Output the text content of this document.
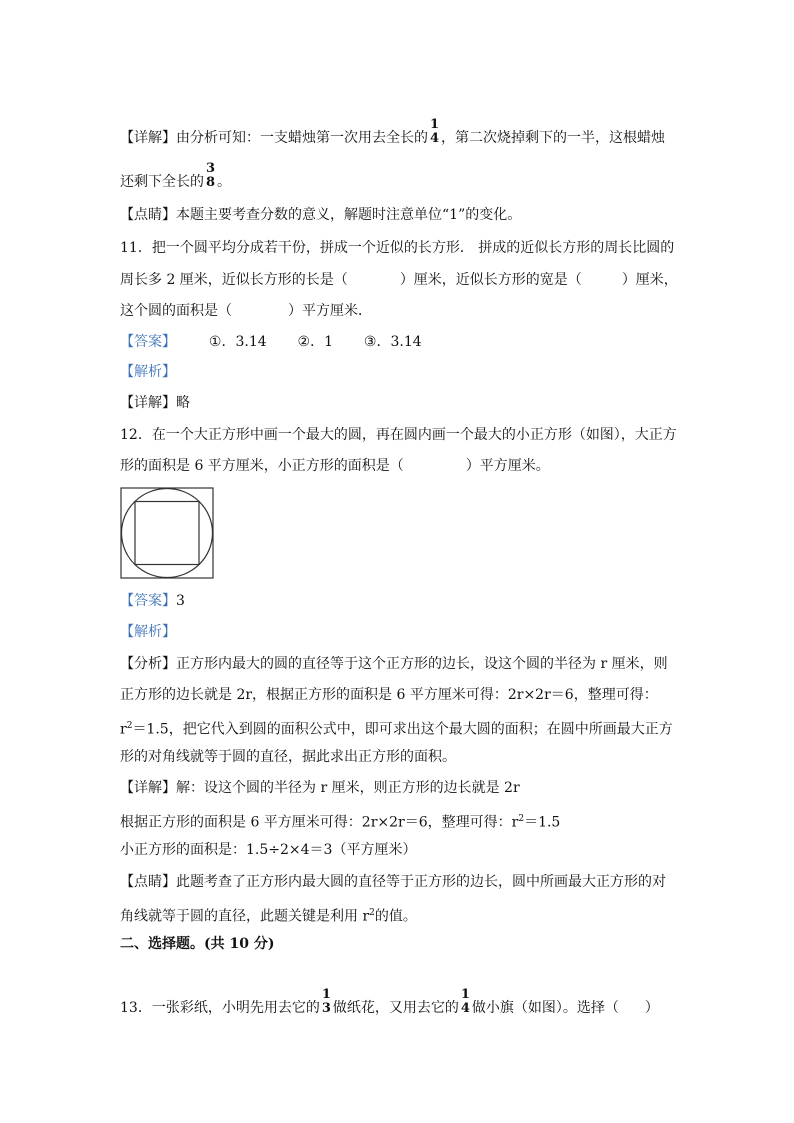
【详解】由分析可知：一支蜡烛第一次用去全长的
1
4 ，第二次烧掉剩下的一半，这根蜡烛
还剩下全长的
3
8 。
【点睛】本题主要考查分数的意义，解题时注意单位“1”的变化。
11．把一个圆平均分成若干份，拼成一个近似的长方形． 拼成的近似长方形的周长比圆的
周长多 2 厘米，近似长方形的长是（	）厘米，近似长方形的宽是（	）厘米，
这个圆的面积是（	）平方厘米．
【答案】 ①．3.14 ②．1 ③．3.14
【解析】
【详解】略
12．在一个大正方形中画一个最大的圆，再在圆内画一个最大的小正方形（如图），大正方
形的面积是 6 平方厘米，小正方形的面积是（	）平方厘米。
【答案】3
【解析】
【分析】正方形内最大的圆的直径等于这个正方形的边长，设这个圆的半径为 r 厘米，则
正方形的边长就是 2r，根据正方形的面积是 6 平方厘米可得：2r×2r＝6，整理可得：
$r^2=1.5$，把它代入到圆的面积公式中，即可求出这个最大圆的面积；在圆中所画最大正方
形的对角线就等于圆的直径，据此求出正方形的面积。
【详解】解：设这个圆的半径为 r 厘米，则正方形的边长就是 2r
根据正方形的面积是 6 平方厘米可得：2r×2r＝6，整理可得：$r^2=1.5$
小正方形的面积是：1.5÷2×4＝3（平方厘米）
【点睛】此题考查了正方形内最大圆的直径等于正方形的边长，圆中所画最大正方形的对
角线就等于圆的直径，此题关键是利用 $r^2$的值。
二、选择题。(共 10 分)
13．一张彩纸，小明先用去它的
1
3 做纸花，又用去它的
1
4 做小旗（如图）。选择（ ）
